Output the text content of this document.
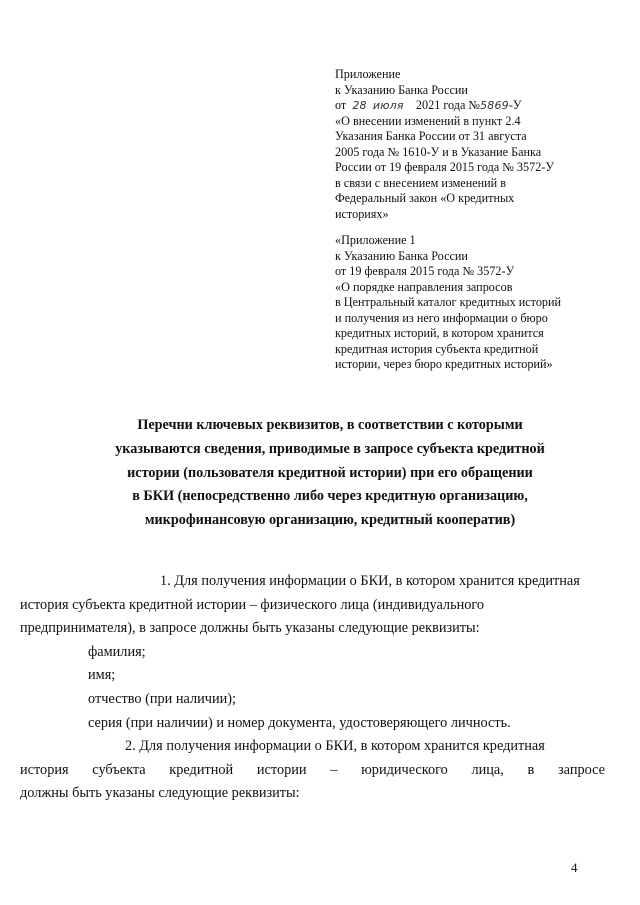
Приложение
к Указанию Банка России
от 28 июля 2021 года №5869-У
«О внесении изменений в пункт 2.4
Указания Банка России от 31 августа
2005 года № 1610-У и в Указание Банка
России от 19 февраля 2015 года № 3572-У
в связи с внесением изменений в
Федеральный закон «О кредитных
историях»
«Приложение 1
к Указанию Банка России
от 19 февраля 2015 года № 3572-У
«О порядке направления запросов
в Центральный каталог кредитных историй
и получения из него информации о бюро
кредитных историй, в котором хранится
кредитная история субъекта кредитной
истории, через бюро кредитных историй»
Перечни ключевых реквизитов, в соответствии с которыми
указываются сведения, приводимые в запросе субъекта кредитной
истории (пользователя кредитной истории) при его обращении
в БКИ (непосредственно либо через кредитную организацию,
микрофинансовую организацию, кредитный кооператив)
1. Для получения информации о БКИ, в котором хранится кредитная
история субъекта кредитной истории – физического лица (индивидуального
предпринимателя), в запросе должны быть указаны следующие реквизиты:
фамилия;
имя;
отчество (при наличии);
серия (при наличии) и номер документа, удостоверяющего личность.
2. Для получения информации о БКИ, в котором хранится кредитная
история субъекта кредитной истории – юридического лица, в запросе
должны быть указаны следующие реквизиты:
4
